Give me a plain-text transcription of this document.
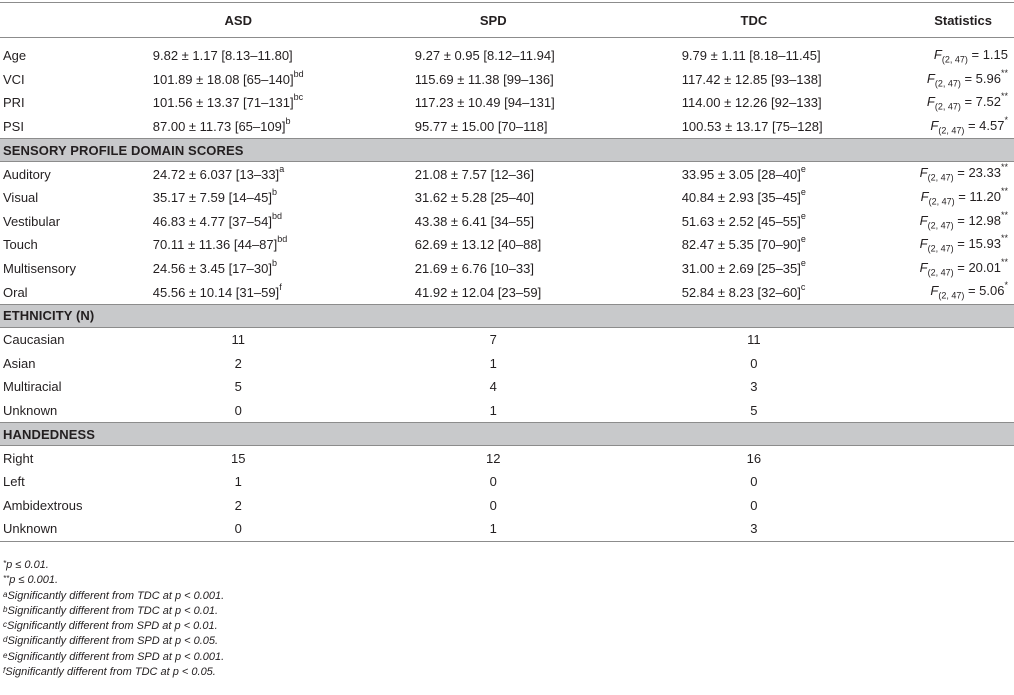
	ASD	SPD	TDC	Statistics
Age	9.82 ± 1.17 [8.13–11.80]	9.27 ± 0.95 [8.12–11.94]	9.79 ± 1.11 [8.18–11.45]	$F_{(2, 47)} = 1.15$
VCI	101.89 ± 18.08 $[65-140]^{bd}$	115.69 ± 11.38 [99–136]	117.42 ± 12.85 [93–138]	$F_{(2, 47)} = 5.96^{**}$
PRI	101.56 ± 13.37 $[71-131]^{bc}$	117.23 ± 10.49 [94–131]	114.00 ± 12.26 [92–133]	$F_{(2, 47)} = 7.52^{**}$
PSI	87.00 ± 11.73 $[65-109]^b$	95.77 ± 15.00 [70–118]	100.53 ± 13.17 [75–128]	$F_{(2, 47)} = 4.57^*$
SENSORY PROFILE DOMAIN SCORES				
Auditory	24.72 ± 6.037 $[13-33]^a$	21.08 ± 7.57 [12–36]	33.95 ± 3.05 $[28-40]^e$	$F_{(2, 47)} = 23.33^{**}$
Visual	35.17 ± 7.59 $[14-45]^b$	31.62 ± 5.28 [25–40]	40.84 ± 2.93 $[35-45]^e$	$F_{(2, 47)} = 11.20^{**}$
Vestibular	46.83 ± 4.77 $[37-54]^{bd}$	43.38 ± 6.41 [34–55]	51.63 ± 2.52 $[45-55]^e$	$F_{(2, 47)} = 12.98^{**}$
Touch	70.11 ± 11.36 $[44-87]^{bd}$	62.69 ± 13.12 [40–88]	82.47 ± 5.35 $[70-90]^e$	$F_{(2, 47)} = 15.93^{**}$
Multisensory	24.56 ± 3.45 $[17-30]^b$	21.69 ± 6.76 [10–33]	31.00 ± 2.69 $[25-35]^e$	$F_{(2, 47)} = 20.01^{**}$
Oral	45.56 ± 10.14 $[31-59]^f$	41.92 ± 12.04 [23–59]	52.84 ± 8.23 $[32-60]^c$	$F_{(2, 47)} = 5.06^*$
ETHNICITY (N)				
Caucasian	11	7	11	
Asian	2	1	0	
Multiracial	5	4	3	
Unknown	0	1	5	
HANDEDNESS				
Right	15	12	16	
Left	1	0	0	
Ambidextrous	2	0	0	
Unknown	0	1	3	
*p ≤ 0.01.
**p ≤ 0.001.
$^a$Significantly different from TDC at p < 0.001.
$^b$Significantly different from TDC at p < 0.01.
$^c$Significantly different from SPD at p < 0.01.
$^d$Significantly different from SPD at p < 0.05.
$^e$Significantly different from SPD at p < 0.001.
$^f$Significantly different from TDC at p < 0.05.
